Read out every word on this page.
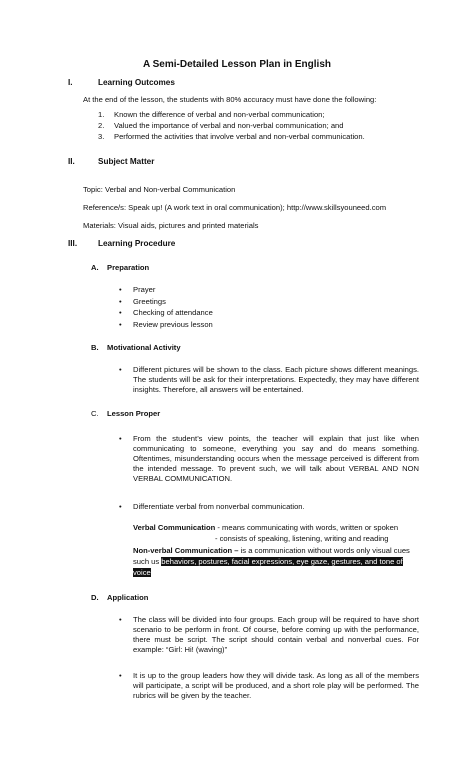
A Semi-Detailed Lesson Plan in English
I.	Learning Outcomes
At the end of the lesson, the students with 80% accuracy must have done the following:
1. Known the difference of verbal and non-verbal communication;
2. Valued the importance of verbal and non-verbal communication; and
3. Performed the activities that involve verbal and non-verbal communication.
II.	Subject Matter
Topic: Verbal and Non-verbal Communication
Reference/s: Speak up! (A work text in oral communication); http://www.skillsyouneed.com
Materials: Visual aids, pictures and printed materials
III.	Learning Procedure
A. Preparation
• Prayer
• Greetings
• Checking of attendance
• Review previous lesson
B. Motivational Activity
• Different pictures will be shown to the class. Each picture shows different meanings. The students will be ask for their interpretations. Expectedly, they may have different insights. Therefore, all answers will be entertained.
C. Lesson Proper
• From the student’s view points, the teacher will explain that just like when communicating to someone, everything you say and do means something. Oftentimes, misunderstanding occurs when the message perceived is different from the intended message. To prevent such, we will talk about VERBAL AND NON VERBAL COMMUNICATION.
• Differentiate verbal from nonverbal communication.
Verbal Communication - means communicating with words, written or spoken
- consists of speaking, listening, writing and reading
Non-verbal Communication – is a communication without words only visual cues
such us behaviors, postures, facial expressions, eye gaze, gestures, and tone of
voice
D. Application
• The class will be divided into four groups. Each group will be required to have short scenario to be perform in front. Of course, before coming up with the performance, there must be script. The script should contain verbal and nonverbal cues. For example: “Girl: Hi! (waving)”
• It is up to the group leaders how they will divide task. As long as all of the members will participate, a script will be produced, and a short role play will be performed. The rubrics will be given by the teacher.
